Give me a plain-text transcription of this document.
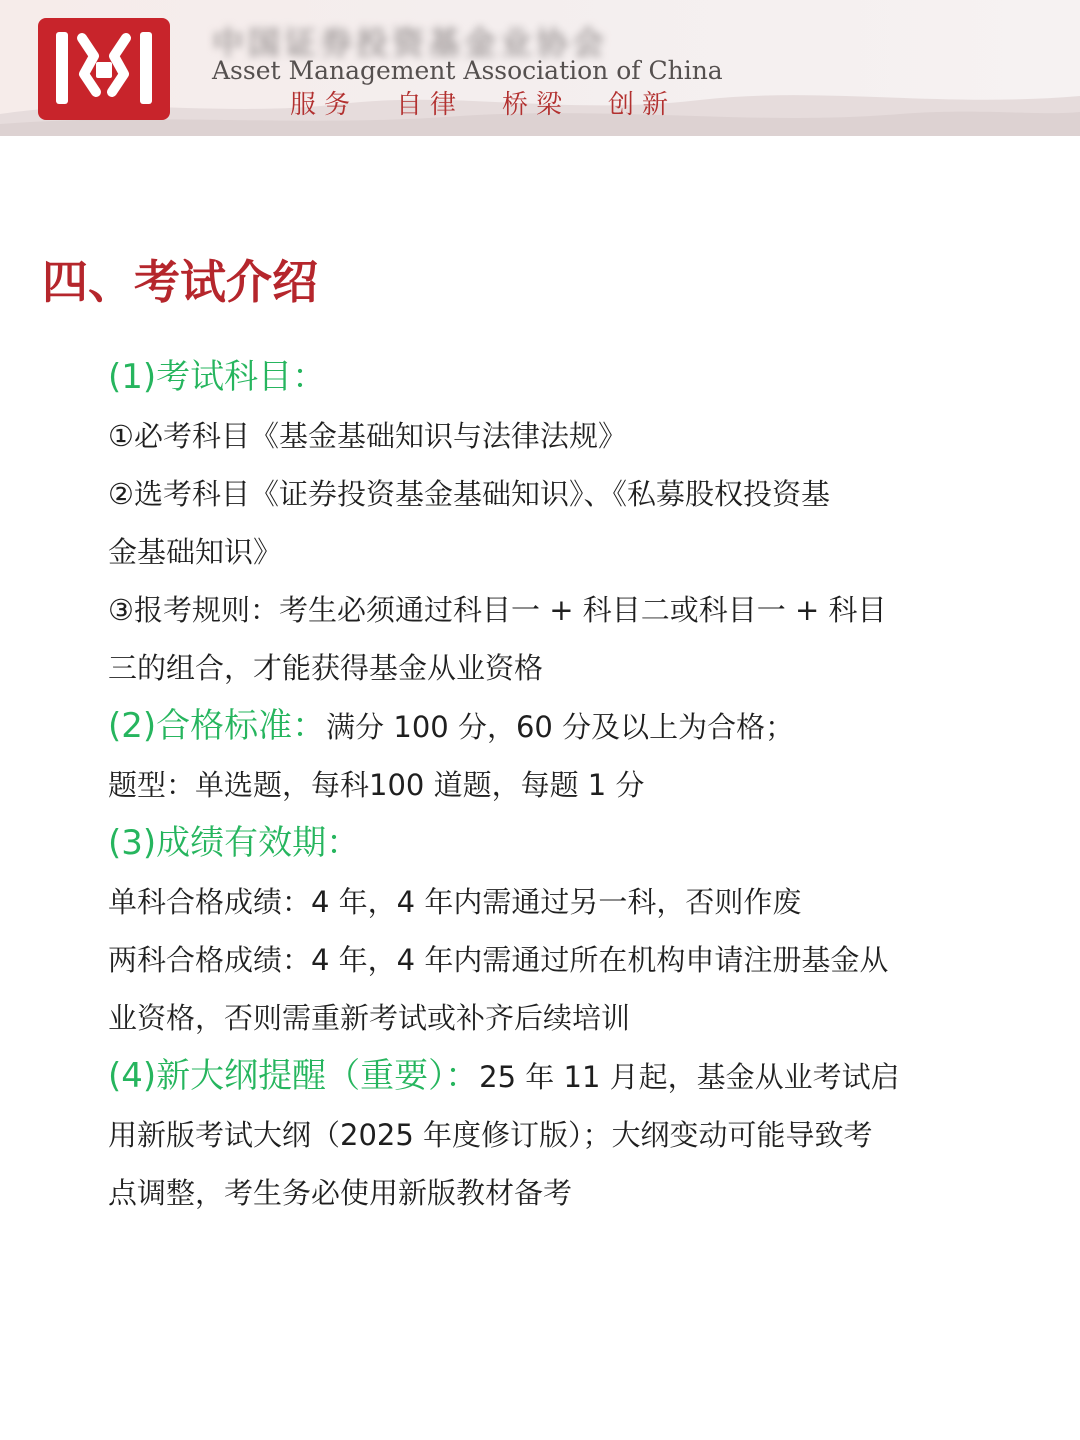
中国证券投资基金业协会
Asset Management Association of China
服务 自律 桥梁 创新
四、考试介绍
(1)考试科目：
①必考科目《基金基础知识与法律法规》
②选考科目《证券投资基金基础知识》、《私募股权投资基
金基础知识》
③报考规则：考生必须通过科目一 + 科目二或科目一 + 科目
三的组合，才能获得基金从业资格
(2)合格标准：满分 100 分，60 分及以上为合格；
题型：单选题，每科100 道题，每题 1 分
(3)成绩有效期：
单科合格成绩：4 年，4 年内需通过另一科，否则作废
两科合格成绩：4 年，4 年内需通过所在机构申请注册基金从
业资格，否则需重新考试或补齐后续培训
(4)新大纲提醒（重要）：25 年 11 月起，基金从业考试启
用新版考试大纲（2025 年度修订版）；大纲变动可能导致考
点调整，考生务必使用新版教材备考
